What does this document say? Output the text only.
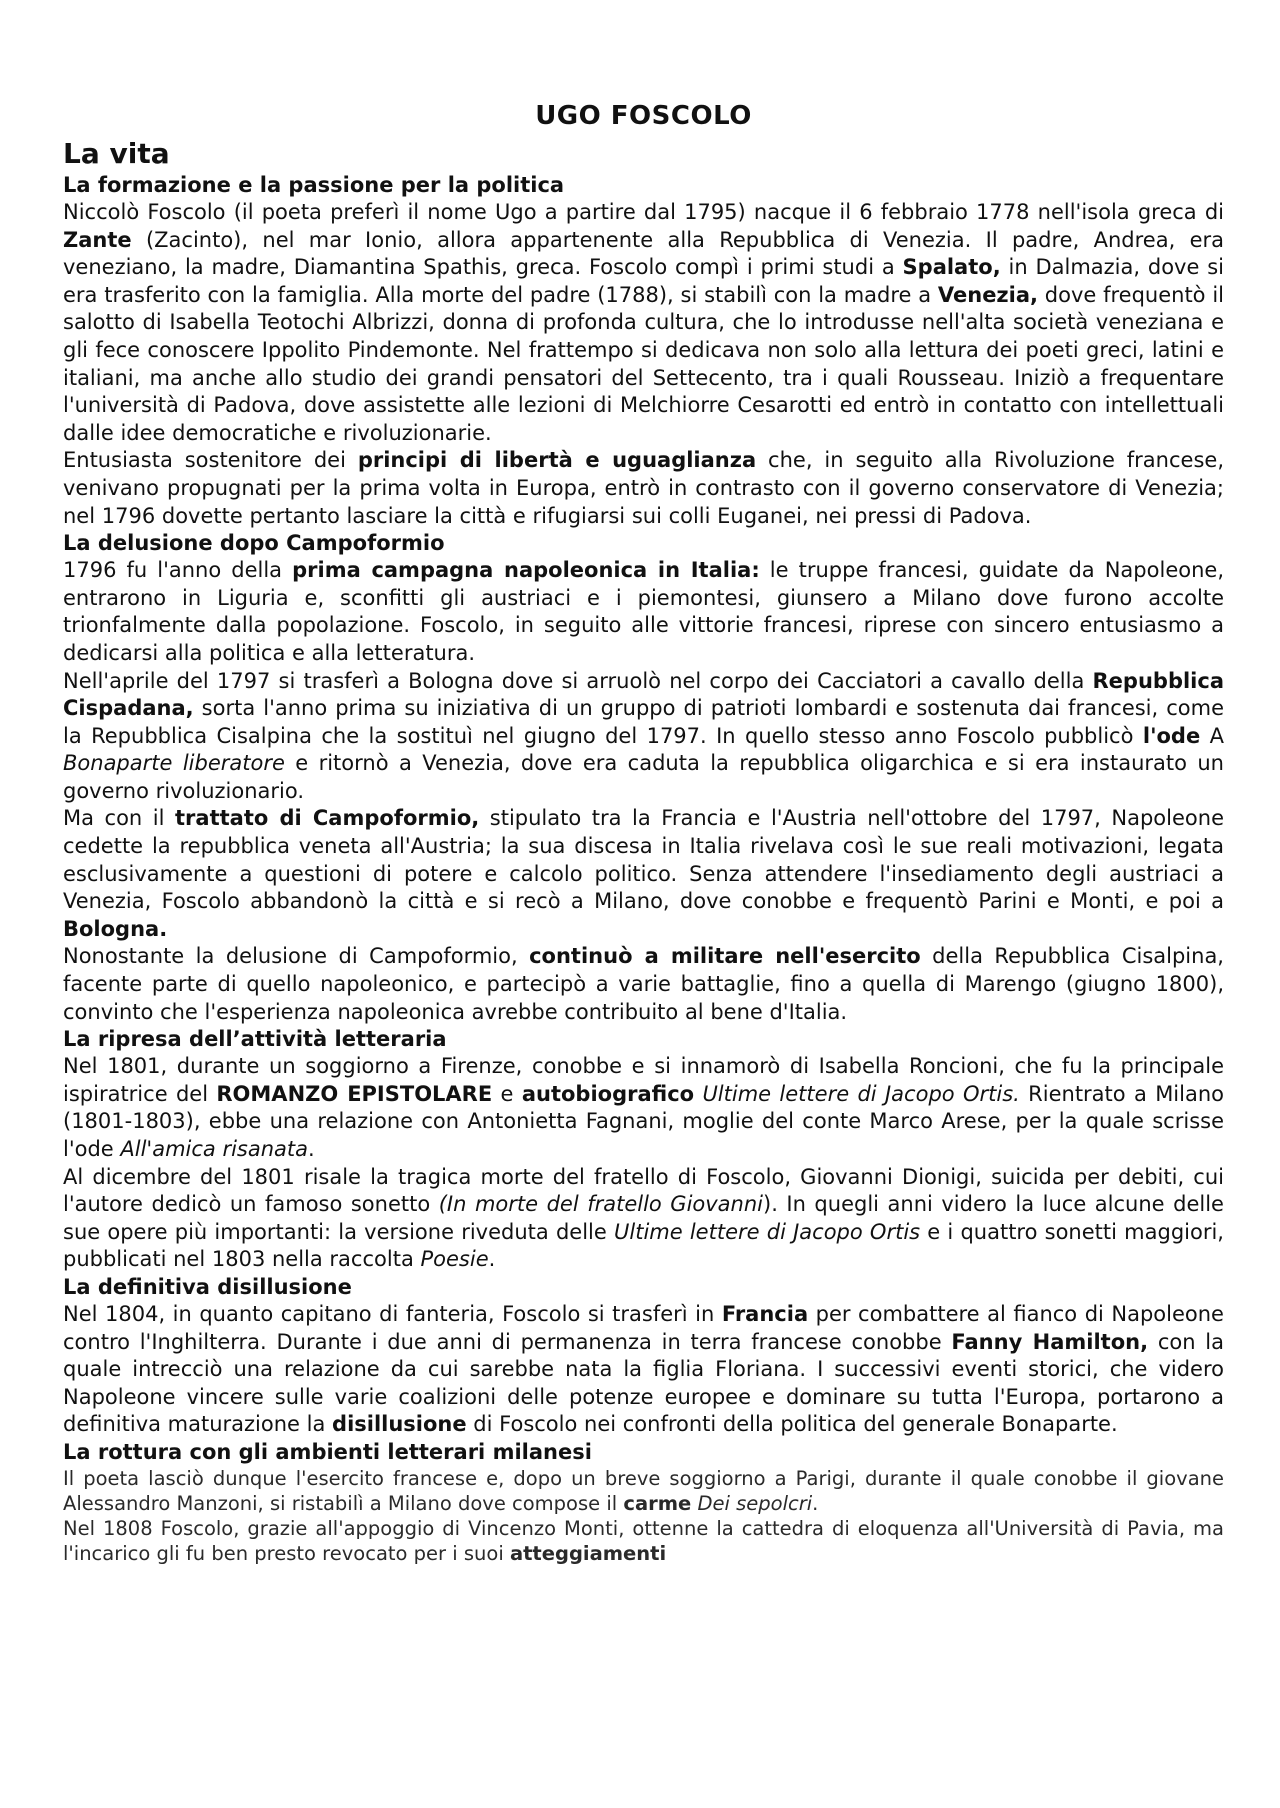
UGO FOSCOLO
La vita
La formazione e la passione per la politica

Niccolò Foscolo (il poeta preferì il nome Ugo a partire dal 1795) nacque il 6 febbraio 1778 nell'isola greca di Zante (Zacinto), nel mar Ionio, allora appartenente alla Repubblica di Venezia. Il padre, Andrea, era veneziano, la madre, Diamantina Spathis, greca. Foscolo compì i primi studi a Spalato, in Dalmazia, dove si era trasferito con la famiglia. Alla morte del padre (1788), si stabilì con la madre a Venezia, dove frequentò il salotto di Isabella Teotochi Albrizzi, donna di profonda cultura, che lo introdusse nell'alta società veneziana e gli fece conoscere Ippolito Pindemonte. Nel frattempo si dedicava non solo alla lettura dei poeti greci, latini e italiani, ma anche allo studio dei grandi pensatori del Settecento, tra i quali Rousseau. Iniziò a frequentare l'università di Padova, dove assistette alle lezioni di Melchiorre Cesarotti ed entrò in contatto con intellettuali dalle idee democratiche e rivoluzionarie.

Entusiasta sostenitore dei principi di libertà e uguaglianza che, in seguito alla Rivoluzione francese, venivano propugnati per la prima volta in Europa, entrò in contrasto con il governo conservatore di Venezia; nel 1796 dovette pertanto lasciare la città e rifugiarsi sui colli Euganei, nei pressi di Padova.

La delusione dopo Campoformio

1796 fu l'anno della prima campagna napoleonica in Italia: le truppe francesi, guidate da Napoleone, entrarono in Liguria e, sconfitti gli austriaci e i piemontesi, giunsero a Milano dove furono accolte trionfalmente dalla popolazione. Foscolo, in seguito alle vittorie francesi, riprese con sincero entusiasmo a dedicarsi alla politica e alla letteratura.

Nell'aprile del 1797 si trasferì a Bologna dove si arruolò nel corpo dei Cacciatori a cavallo della Repubblica Cispadana, sorta l'anno prima su iniziativa di un gruppo di patrioti lombardi e sostenuta dai francesi, come la Repubblica Cisalpina che la sostituì nel giugno del 1797. In quello stesso anno Foscolo pubblicò l'ode A Bonaparte liberatore e ritornò a Venezia, dove era caduta la repubblica oligarchica e si era instaurato un governo rivoluzionario.

Ma con il trattato di Campoformio, stipulato tra la Francia e l'Austria nell'ottobre del 1797, Napoleone cedette la repubblica veneta all'Austria; la sua discesa in Italia rivelava così le sue reali motivazioni, legata esclusivamente a questioni di potere e calcolo politico. Senza attendere l'insediamento degli austriaci a Venezia, Foscolo abbandonò la città e si recò a Milano, dove conobbe e frequentò Parini e Monti, e poi a Bologna.

Nonostante la delusione di Campoformio, continuò a militare nell'esercito della Repubblica Cisalpina, facente parte di quello napoleonico, e partecipò a varie battaglie, fino a quella di Marengo (giugno 1800), convinto che l'esperienza napoleonica avrebbe contribuito al bene d'Italia.

La ripresa dell’attività letteraria

Nel 1801, durante un soggiorno a Firenze, conobbe e si innamorò di Isabella Roncioni, che fu la principale ispiratrice del ROMANZO EPISTOLARE e autobiografico Ultime lettere di Jacopo Ortis. Rientrato a Milano (1801-1803), ebbe una relazione con Antonietta Fagnani, moglie del conte Marco Arese, per la quale scrisse l'ode All'amica risanata.

Al dicembre del 1801 risale la tragica morte del fratello di Foscolo, Giovanni Dionigi, suicida per debiti, cui l'autore dedicò un famoso sonetto (In morte del fratello Giovanni). In quegli anni videro la luce alcune delle sue opere più importanti: la versione riveduta delle Ultime lettere di Jacopo Ortis e i quattro sonetti maggiori, pubblicati nel 1803 nella raccolta Poesie.

La definitiva disillusione

Nel 1804, in quanto capitano di fanteria, Foscolo si trasferì in Francia per combattere al fianco di Napoleone contro l'Inghilterra. Durante i due anni di permanenza in terra francese conobbe Fanny Hamilton, con la quale intrecciò una relazione da cui sarebbe nata la figlia Floriana. I successivi eventi storici, che videro Napoleone vincere sulle varie coalizioni delle potenze europee e dominare su tutta l'Europa, portarono a definitiva maturazione la disillusione di Foscolo nei confronti della politica del generale Bonaparte.

La rottura con gli ambienti letterari milanesi

Il poeta lasciò dunque l'esercito francese e, dopo un breve soggiorno a Parigi, durante il quale conobbe il giovane Alessandro Manzoni, si ristabilì a Milano dove compose il carme Dei sepolcri.

Nel 1808 Foscolo, grazie all'appoggio di Vincenzo Monti, ottenne la cattedra di eloquenza all'Università di Pavia, ma l'incarico gli fu ben presto revocato per i suoi atteggiamenti
